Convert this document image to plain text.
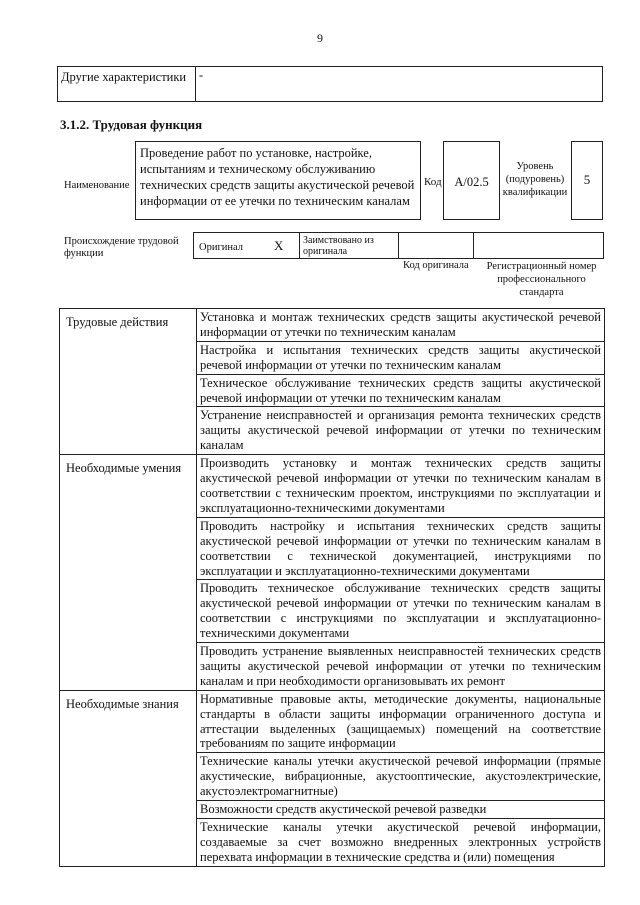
9
Другие характеристики	-
3.1.2. Трудовая функция
Наименование
Проведение работ по установке, настройке, испытаниям и техническому обслуживанию технических средств защиты акустической речевой информации от ее утечки по техническим каналам
Код	A/02.5
Уровень (подуровень) квалификации
5
Происхождение трудовой функции
Оригинал X	Заимствовано из оригинала
Код оригинала	Регистрационный номер профессионального стандарта
Трудовые действия	Установка и монтаж технических средств защиты акустической речевой информации от утечки по техническим каналам
Настройка и испытания технических средств защиты акустической речевой информации от утечки по техническим каналам
Техническое обслуживание технических средств защиты акустической речевой информации от утечки по техническим каналам
Устранение неисправностей и организация ремонта технических средств защиты акустической речевой информации от утечки по техническим каналам
Необходимые умения	Производить установку и монтаж технических средств защиты акустической речевой информации от утечки по техническим каналам в соответствии с техническим проектом, инструкциями по эксплуатации и эксплуатационно-техническими документами
Проводить настройку и испытания технических средств защиты акустической речевой информации от утечки по техническим каналам в соответствии с технической документацией, инструкциями по эксплуатации и эксплуатационно-техническими документами
Проводить техническое обслуживание технических средств защиты акустической речевой информации от утечки по техническим каналам в соответствии с инструкциями по эксплуатации и эксплуатационно-техническими документами
Проводить устранение выявленных неисправностей технических средств защиты акустической речевой информации от утечки по техническим каналам и при необходимости организовывать их ремонт
Необходимые знания	Нормативные правовые акты, методические документы, национальные стандарты в области защиты информации ограниченного доступа и аттестации выделенных (защищаемых) помещений на соответствие требованиям по защите информации
Технические каналы утечки акустической речевой информации (прямые акустические, вибрационные, акустооптические, акустоэлектрические, акустоэлектромагнитные)
Возможности средств акустической речевой разведки
Технические каналы утечки акустической речевой информации, создаваемые за счет возможно внедренных электронных устройств перехвата информации в технические средства и (или) помещения
